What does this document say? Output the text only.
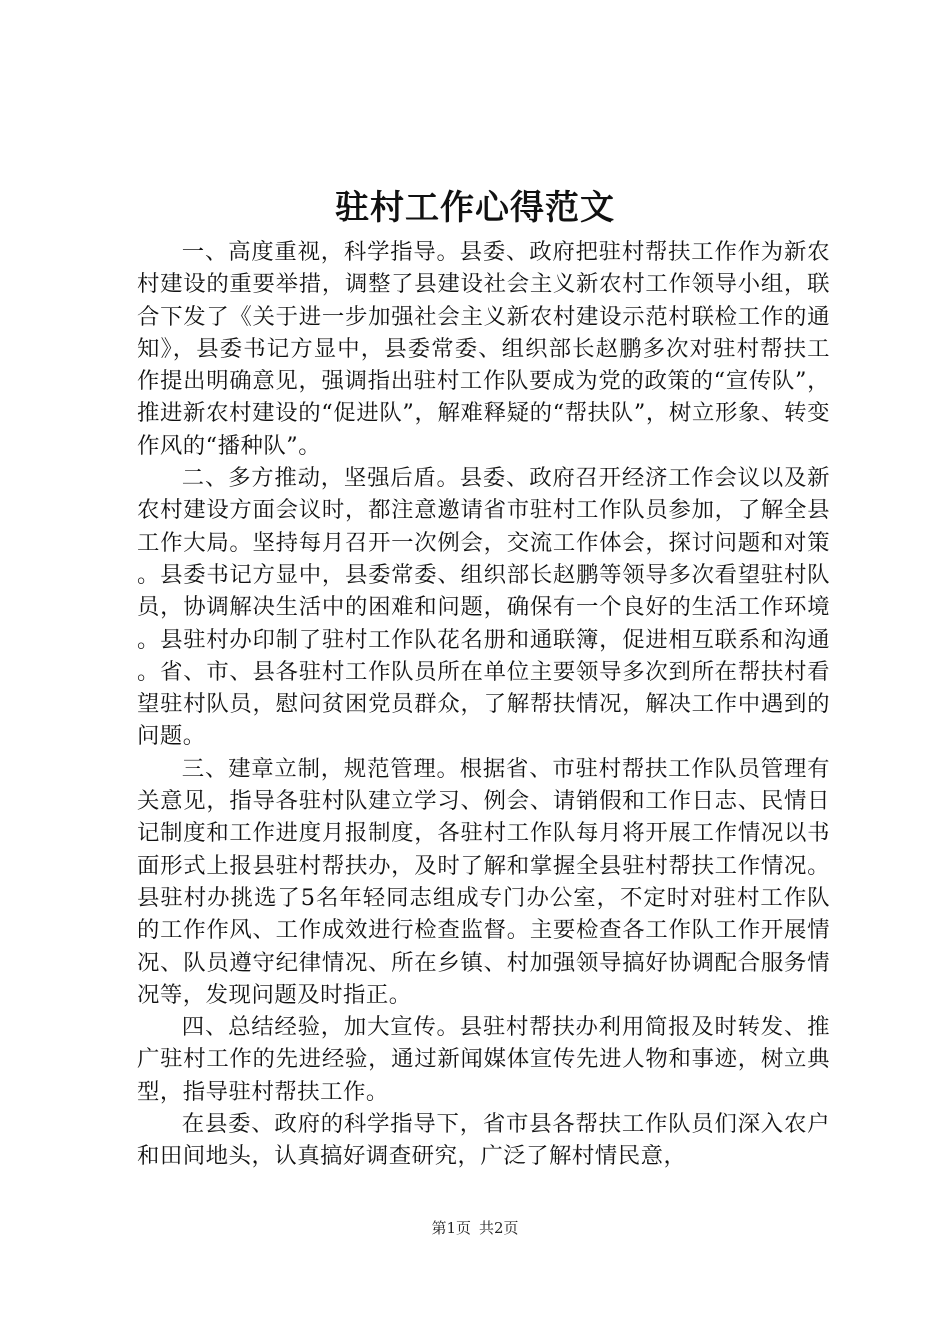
驻村工作心得范文

一、高度重视，科学指导。县委、政府把驻村帮扶工作作为新农村建设的重要举措，调整了县建设社会主义新农村工作领导小组，联合下发了《关于进一步加强社会主义新农村建设示范村联检工作的通知》，县委书记方显中，县委常委、组织部长赵鹏多次对驻村帮扶工作提出明确意见，强调指出驻村工作队要成为党的政策的“宣传队”，推进新农村建设的“促进队”，解难释疑的“帮扶队”，树立形象、转变作风的“播种队”。

二、多方推动，坚强后盾。县委、政府召开经济工作会议以及新农村建设方面会议时，都注意邀请省市驻村工作队员参加，了解全县工作大局。坚持每月召开一次例会，交流工作体会，探讨问题和对策。县委书记方显中，县委常委、组织部长赵鹏等领导多次看望驻村队员，协调解决生活中的困难和问题，确保有一个良好的生活工作环境。县驻村办印制了驻村工作队花名册和通联簿，促进相互联系和沟通。省、市、县各驻村工作队员所在单位主要领导多次到所在帮扶村看望驻村队员，慰问贫困党员群众，了解帮扶情况，解决工作中遇到的问题。

三、建章立制，规范管理。根据省、市驻村帮扶工作队员管理有关意见，指导各驻村队建立学习、例会、请销假和工作日志、民情日记制度和工作进度月报制度，各驻村工作队每月将开展工作情况以书面形式上报县驻村帮扶办，及时了解和掌握全县驻村帮扶工作情况。县驻村办挑选了5名年轻同志组成专门办公室，不定时对驻村工作队的工作作风、工作成效进行检查监督。主要检查各工作队工作开展情况、队员遵守纪律情况、所在乡镇、村加强领导搞好协调配合服务情况等，发现问题及时指正。

四、总结经验，加大宣传。县驻村帮扶办利用简报及时转发、推广驻村工作的先进经验，通过新闻媒体宣传先进人物和事迹，树立典型，指导驻村帮扶工作。

在县委、政府的科学指导下，省市县各帮扶工作队员们深入农户和田间地头，认真搞好调查研究，广泛了解村情民意，

第1页 共2页
